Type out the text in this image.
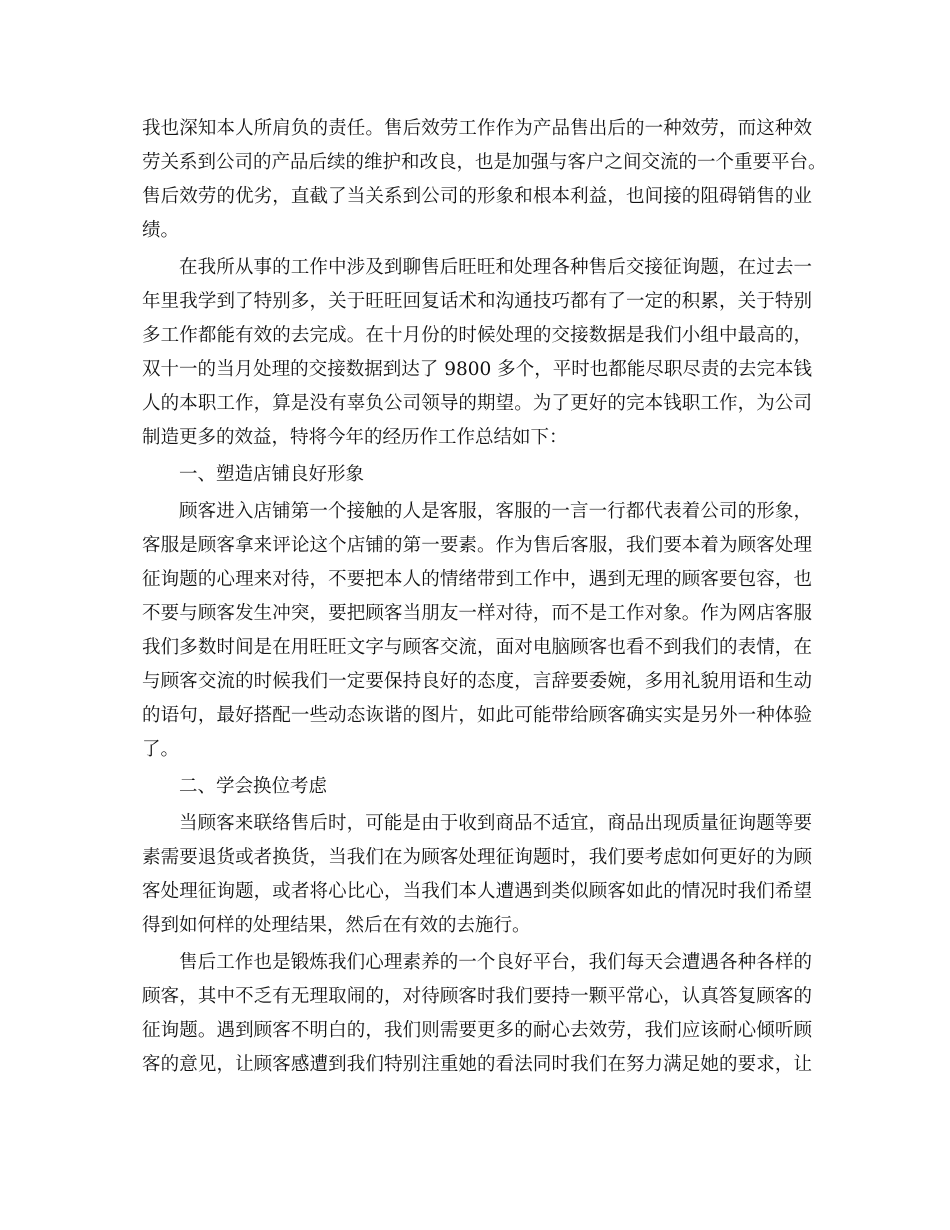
我也深知本人所肩负的责任。售后效劳工作作为产品售出后的一种效劳，而这种效
劳关系到公司的产品后续的维护和改良，也是加强与客户之间交流的一个重要平台。
售后效劳的优劣，直截了当关系到公司的形象和根本利益，也间接的阻碍销售的业
绩。
在我所从事的工作中涉及到聊售后旺旺和处理各种售后交接征询题，在过去一
年里我学到了特别多，关于旺旺回复话术和沟通技巧都有了一定的积累，关于特别
多工作都能有效的去完成。在十月份的时候处理的交接数据是我们小组中最高的，
双十一的当月处理的交接数据到达了 9800 多个，平时也都能尽职尽责的去完本钱
人的本职工作，算是没有辜负公司领导的期望。为了更好的完本钱职工作，为公司
制造更多的效益，特将今年的经历作工作总结如下：
一、塑造店铺良好形象
顾客进入店铺第一个接触的人是客服，客服的一言一行都代表着公司的形象，
客服是顾客拿来评论这个店铺的第一要素。作为售后客服，我们要本着为顾客处理
征询题的心理来对待，不要把本人的情绪带到工作中，遇到无理的顾客要包容，也
不要与顾客发生冲突，要把顾客当朋友一样对待，而不是工作对象。作为网店客服
我们多数时间是在用旺旺文字与顾客交流，面对电脑顾客也看不到我们的表情，在
与顾客交流的时候我们一定要保持良好的态度，言辞要委婉，多用礼貌用语和生动
的语句，最好搭配一些动态诙谐的图片，如此可能带给顾客确实实是另外一种体验
了。
二、学会换位考虑
当顾客来联络售后时，可能是由于收到商品不适宜，商品出现质量征询题等要
素需要退货或者换货，当我们在为顾客处理征询题时，我们要考虑如何更好的为顾
客处理征询题，或者将心比心，当我们本人遭遇到类似顾客如此的情况时我们希望
得到如何样的处理结果，然后在有效的去施行。
售后工作也是锻炼我们心理素养的一个良好平台，我们每天会遭遇各种各样的
顾客，其中不乏有无理取闹的，对待顾客时我们要持一颗平常心，认真答复顾客的
征询题。遇到顾客不明白的，我们则需要更多的耐心去效劳，我们应该耐心倾听顾
客的意见，让顾客感遭到我们特别注重她的看法同时我们在努力满足她的要求，让
